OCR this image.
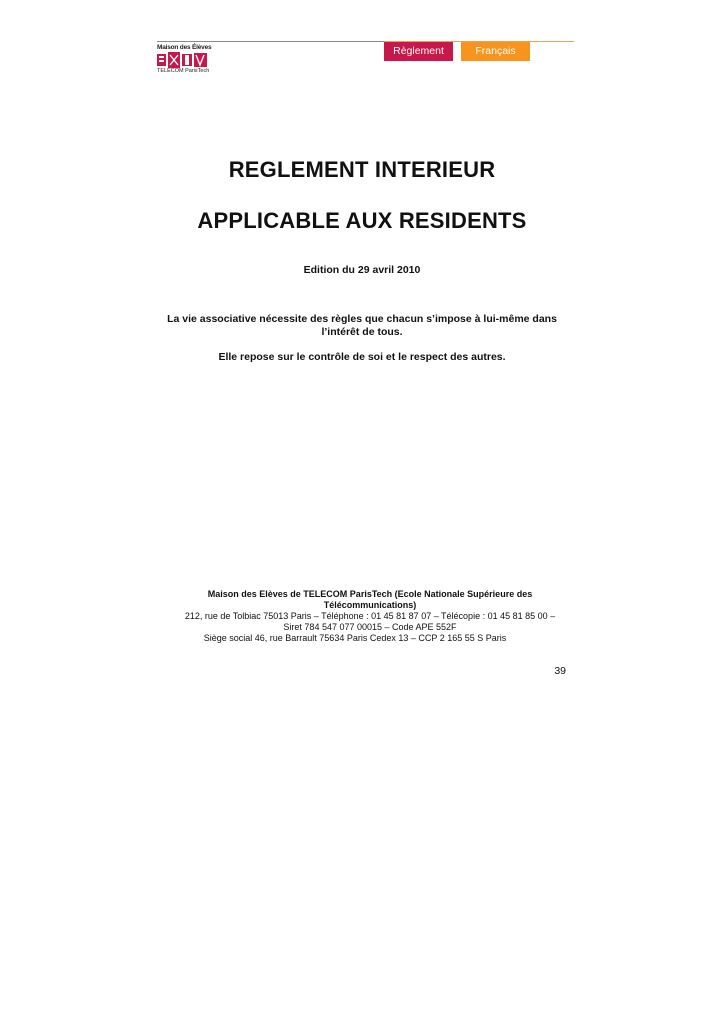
Maison des Élèves
TELECOM ParisTech
Règlement	Français
REGLEMENT INTERIEUR
APPLICABLE AUX RESIDENTS
Edition du 29 avril 2010
La vie associative nécessite des règles que chacun s’impose à lui-même dans
l’intérêt de tous.
Elle repose sur le contrôle de soi et le respect des autres.
Maison des Elèves de TELECOM ParisTech (Ecole Nationale Supérieure des
Télécommunications)
212, rue de Tolbiac 75013 Paris – Téléphone : 01 45 81 87 07 – Télécopie : 01 45 81 85 00 –
Siret 784 547 077 00015 – Code APE 552F
Siège social 46, rue Barrault 75634 Paris Cedex 13 – CCP 2 165 55 S Paris
39
